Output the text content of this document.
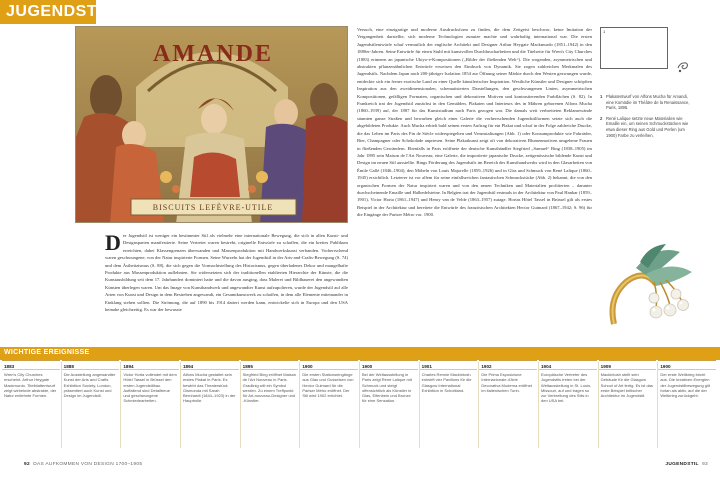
JUGENDSTIL
BISCUITS LEFÈVRE-UTILE
AMANDE
D er Jugendstil ist weniger ein bestimmter Stil als vielmehr eine internationale Bewegung, die sich in allen Kunst- und Designsparten manifestierte. Seine Vertreter waren bestrebt, originelle Entwürfe zu schaffen, die ein breites Publikum erreichten, dabei Klassengrenzen überwanden und Massenproduktion mit Handwerkskunst verbanden. Vorherrschend waren geschwungene, von der Natur inspirierte Formen. Seine Wurzeln hat der Jugendstil in der Arts-and-Crafts-Bewegung (S. 74) und dem Ästhetizismus (S. 88), die sich gegen die Vormachtstellung des Historismus, gegen überladenes Dekor und mangelhafte Produkte aus Massenproduktion auflehnten. Sie widersetzten sich der traditionellen etablierten Hierarchie der Künste, die die Kunstausbildung seit dem 17. Jahrhundert dominiert hatte und die davon ausging, dass Malerei und Bildhauerei den angewandten Künsten überlegen waren. Um das Image von Kunsthandwerk und angewandter Kunst aufzupolieren, wurde der Jugendstil auf alle Arten von Kunst und Design in dem Bestreben angewandt, ein Gesamtkunstwerk zu schaffen, in dem alle Elemente miteinander in Einklang stehen sollten. Die Strömung, die auf 1890 bis 1914 datiert werden kann, entwickelte sich in Europa und den USA beinahe gleichzeitig. Es war der bewusste
Versuch, eine einzigartige und moderne Ausdrucksform zu finden, die dem Zeitgeist beschwor, keine Imitation der Vergangenheit darstellte, sich moderne Technologien zunutze machte und wahrhaftig international war. Die ersten Jugendstilentwürfe schuf vermutlich der englische Architekt und Designer Arthur Heygate Mackmurdo (1851–1942) in den 1880er-Jahren. Seine Entwürfe für einen Stuhl mit kunstvollen Durchbrucharbeiten und die Titelseite für Wren's City Churches (1883) erinnern an japanische Ukiyo-e-Kompositionen („Bilder der fließenden Welt“). Die wogenden, asymmetrischen und abstrakten pflanzenähnlichen Entwürfe erweisen den Eindruck von Dynamik. Sie zogen zahlreichen Merkmalen des Jugendstils. Nachdem Japan nach 200-jähriger Isolation 1854 zur Öffnung seiner Märkte durch den Westen gezwungen wurde, entdeckte sich ein ferner exotische Land zu einer Quelle künstlerischer Inspiration. Westliche Künstler und Designer schöpften Inspiration aus den zweidimensionalen, schematisierten Darstellungen, den geschwungenen Linien, asymmetrischen Kompositionen, gefälligen Formaten, organischen und dekorativen Motiven und kontrastierenden Farbflächen (S. 82). In Frankreich trat der Jugendstil zunächst in den Gemälden, Plakaten und Interieurs des in Mähren geborenen Alfons Mucha (1860–1939) auf, der 1887 für das Kunststudium nach Paris gezogen war. Die damals weit verbreiteten Reklamewände säumten ganze Straßen und bewarben gleich einer Galerie die vorherrschenden Jugendstilformen setzte sich auch die abgebildeten Produkte. Auch Mucha erhielt bald seinen ersten Auftrag für ein Plakat und schuf in der Folge zahlreiche Drucke, die das Leben im Paris des Fin de Siècle widerspiegelten und Verunstaltungen (Abb. 1) oder Konsumprodukte wie Fahrräder, Bier, Champagner oder Schokolade anpriesen. Seine Plakatkunst zeigt oft von dekorativen Blumenmotiven umgebene Frauen in fließenden Gewändern. Ebenfalls in Paris eröffnete der deutsche Kunsthändler Siegfried „Samuel“ Bing (1838–1905) im Jahr 1895 sein Maison de l'Art Nouveau, eine Galerie, die importierte japanische Drucke, zeitgenössische bildende Kunst und Design im neuen Stil ausstellte. Bings Förderung des Jugendstils im Bereich des Kunsthandwerks wird in den Glasarbeiten von Émile Gallé (1846–1904), den Möbeln von Louis Majorelle (1859–1926) und in Glas und Schmuck von René Lalique (1860–1945) ersichtlich. Letzterer ist vor allem für seine einfallsreichen fantastischen Schmuckstücke (Abb. 2) bekannt, die von den organischen Formen der Natur inspiriert waren und von den neuen Techniken und Materialien profitierten – darunter durchscheinende Emaille und Halbedelsteine. In Belgien trat der Jugendstil erstmals in der Architektur von Paul Hankar (1859–1901), Victor Horta (1861–1947) und Henry van de Velde (1863–1957) zutage. Hortas Hôtel Tassel in Brüssel gilt als erstes Beispiel in der Architektur und bereitete die Entwürfe des französischen Architekten Hector Guimard (1867–1942; S. 96) für die Eingänge der Pariser Métro vor. 1900.
1
1 Plakatentwurf von Alfons Mucha für Amandi, eine Komödie im Théâtre de la Renaissance, Paris, 1895.
2 René Lalique setzte neue Materialien wie Emaille ein, um seinen Schmuckstücken wie etwa dieser Ring aus Gold und Perlen (um 1900) Farbe zu verleihen.
WICHTIGE EREIGNISSE
1883
Wren's City Churches erscheint. Arthur Heygate Mackmurdo. Titelblattentwurf zeigt wirbelnde abstrakte, der Natur entlehnte Formen.
1888
Die Ausstellung angewandter Kunst der Arts and Crafts Exhibition Society, London, präsentiert auch Kunst und Design im Jugendstil.
1894
Victor Horta vollendet mit dem Hôtel Tassel in Brüssel den ersten Jugendstilbau. Auffallend sind Detailtreue und geschwungene Schmiedearbeiten.
1894
Alfons Mucha gestaltet sein erstes Plakat in Paris. Es bewirbt das Theaterstück Gismonda mit Sarah Bernhardt (1844–1923) in der Hauptrolle.
1895
Siegfried Bing eröffnet Maison de l'Art Nouveau in Paris. Gradlinig will ein Symbol werden. Zu einem Treffpunkt für Art-nouveau-Designer und -Künstler.
1900
Die ersten Stationseingänge aus Glas und Gusseisen von Hector Guimard für die Pariser Métro eröffnet. Der Stil wird 1902 errichtet.
1900
Bei der Weltausstellung in Paris zeigt René Lalique mit Schmuck und steigt offensichtlich als Künstler in Glas, Elfenbein und Bronze für eine Sensation.
1901
Charles Rennie Mackintosh entwirft vier Pavillons für die Glasgow International Exhibition in Schottland.
1902
Die Prima Esposizione Internazionale d'Arte Decorativa Moderna eröffnet im italienischen Turin.
1904
Europäische Vertreter des Jugendstils treten bei der Weltausstellung in St. Louis, Missouri, auf und tragen so zur Verbreitung des Stils in den USA bei.
1909
Mackintosh stellt sein Gebäude für die Glasgow School of Art fertig. Es ist das erste Beispiel britischer Architektur im Jugendstil.
1900
Der erste Weltkrieg bricht aus. Die kreativen Energien der Jugendstilbewegung gilt fortan als aktiv, auf die der Weltkrieg zurückgeht.
92 DAS AUFKOMMEN VON DESIGN 1700–1905	JUGENDSTIL 93
